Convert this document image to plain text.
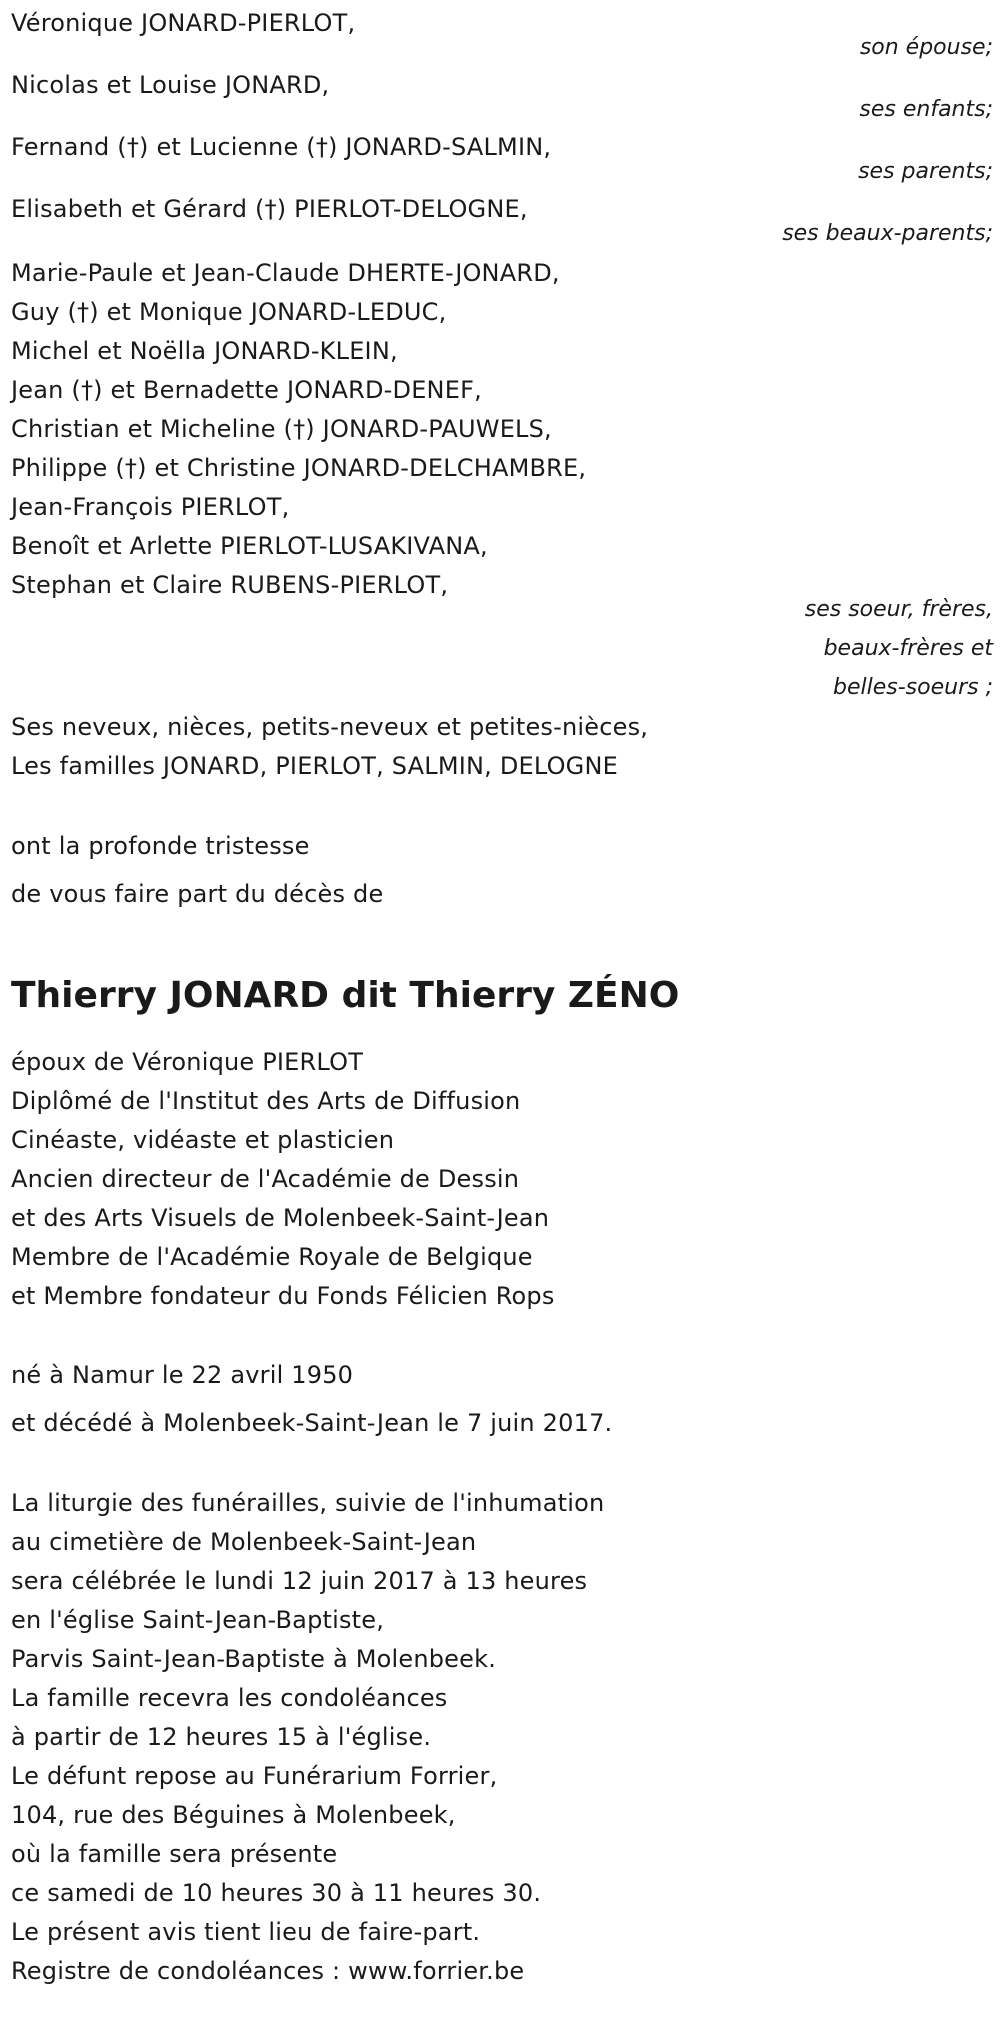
Véronique JONARD-PIERLOT,
son épouse;
Nicolas et Louise JONARD,
ses enfants;
Fernand (†) et Lucienne (†) JONARD-SALMIN,
ses parents;
Elisabeth et Gérard (†) PIERLOT-DELOGNE,
ses beaux-parents;
Marie-Paule et Jean-Claude DHERTE-JONARD,
Guy (†) et Monique JONARD-LEDUC,
Michel et Noëlla JONARD-KLEIN,
Jean (†) et Bernadette JONARD-DENEF,
Christian et Micheline (†) JONARD-PAUWELS,
Philippe (†) et Christine JONARD-DELCHAMBRE,
Jean-François PIERLOT,
Benoît et Arlette PIERLOT-LUSAKIVANA,
Stephan et Claire RUBENS-PIERLOT,
ses soeur, frères,
beaux-frères et
belles-soeurs ;
Ses neveux, nièces, petits-neveux et petites-nièces,
Les familles JONARD, PIERLOT, SALMIN, DELOGNE
ont la profonde tristesse
de vous faire part du décès de
Thierry JONARD dit Thierry ZÉNO
époux de Véronique PIERLOT
Diplômé de l'Institut des Arts de Diffusion
Cinéaste, vidéaste et plasticien
Ancien directeur de l'Académie de Dessin
et des Arts Visuels de Molenbeek-Saint-Jean
Membre de l'Académie Royale de Belgique
et Membre fondateur du Fonds Félicien Rops
né à Namur le 22 avril 1950
et décédé à Molenbeek-Saint-Jean le 7 juin 2017.
La liturgie des funérailles, suivie de l'inhumation
au cimetière de Molenbeek-Saint-Jean
sera célébrée le lundi 12 juin 2017 à 13 heures
en l'église Saint-Jean-Baptiste,
Parvis Saint-Jean-Baptiste à Molenbeek.
La famille recevra les condoléances
à partir de 12 heures 15 à l'église.
Le défunt repose au Funérarium Forrier,
104, rue des Béguines à Molenbeek,
où la famille sera présente
ce samedi de 10 heures 30 à 11 heures 30.
Le présent avis tient lieu de faire-part.
Registre de condoléances : www.forrier.be
